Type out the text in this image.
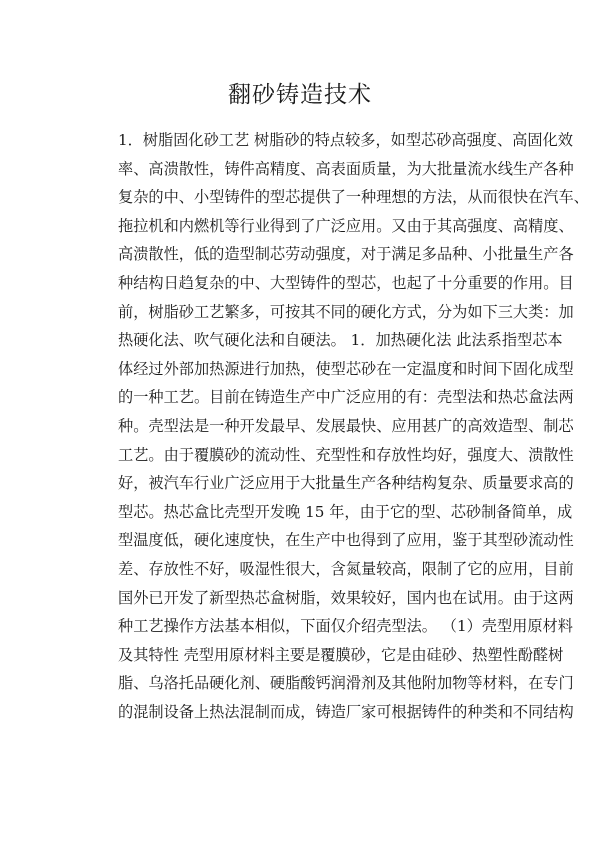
翻砂铸造技术
1．树脂固化砂工艺 树脂砂的特点较多，如型芯砂高强度、高固化效
率、高溃散性，铸件高精度、高表面质量，为大批量流水线生产各种
复杂的中、小型铸件的型芯提供了一种理想的方法，从而很快在汽车、
拖拉机和内燃机等行业得到了广泛应用。又由于其高强度、高精度、
高溃散性，低的造型制芯劳动强度，对于满足多品种、小批量生产各
种结构日趋复杂的中、大型铸件的型芯，也起了十分重要的作用。目
前，树脂砂工艺繁多，可按其不同的硬化方式，分为如下三大类：加
热硬化法、吹气硬化法和自硬法。 1．加热硬化法 此法系指型芯本
体经过外部加热源进行加热，使型芯砂在一定温度和时间下固化成型
的一种工艺。目前在铸造生产中广泛应用的有：壳型法和热芯盒法两
种。壳型法是一种开发最早、发展最快、应用甚广的高效造型、制芯
工艺。由于覆膜砂的流动性、充型性和存放性均好，强度大、溃散性
好，被汽车行业广泛应用于大批量生产各种结构复杂、质量要求高的
型芯。热芯盒比壳型开发晚 15 年，由于它的型、芯砂制备简单，成
型温度低，硬化速度快，在生产中也得到了应用，鉴于其型砂流动性
差、存放性不好，吸湿性很大，含氮量较高，限制了它的应用，目前
国外已开发了新型热芯盒树脂，效果较好，国内也在试用。由于这两
种工艺操作方法基本相似，下面仅介绍壳型法。 （1）壳型用原材料
及其特性 壳型用原材料主要是覆膜砂，它是由硅砂、热塑性酚醛树
脂、乌洛托品硬化剂、硬脂酸钙润滑剂及其他附加物等材料，在专门
的混制设备上热法混制而成，铸造厂家可根据铸件的种类和不同结构
